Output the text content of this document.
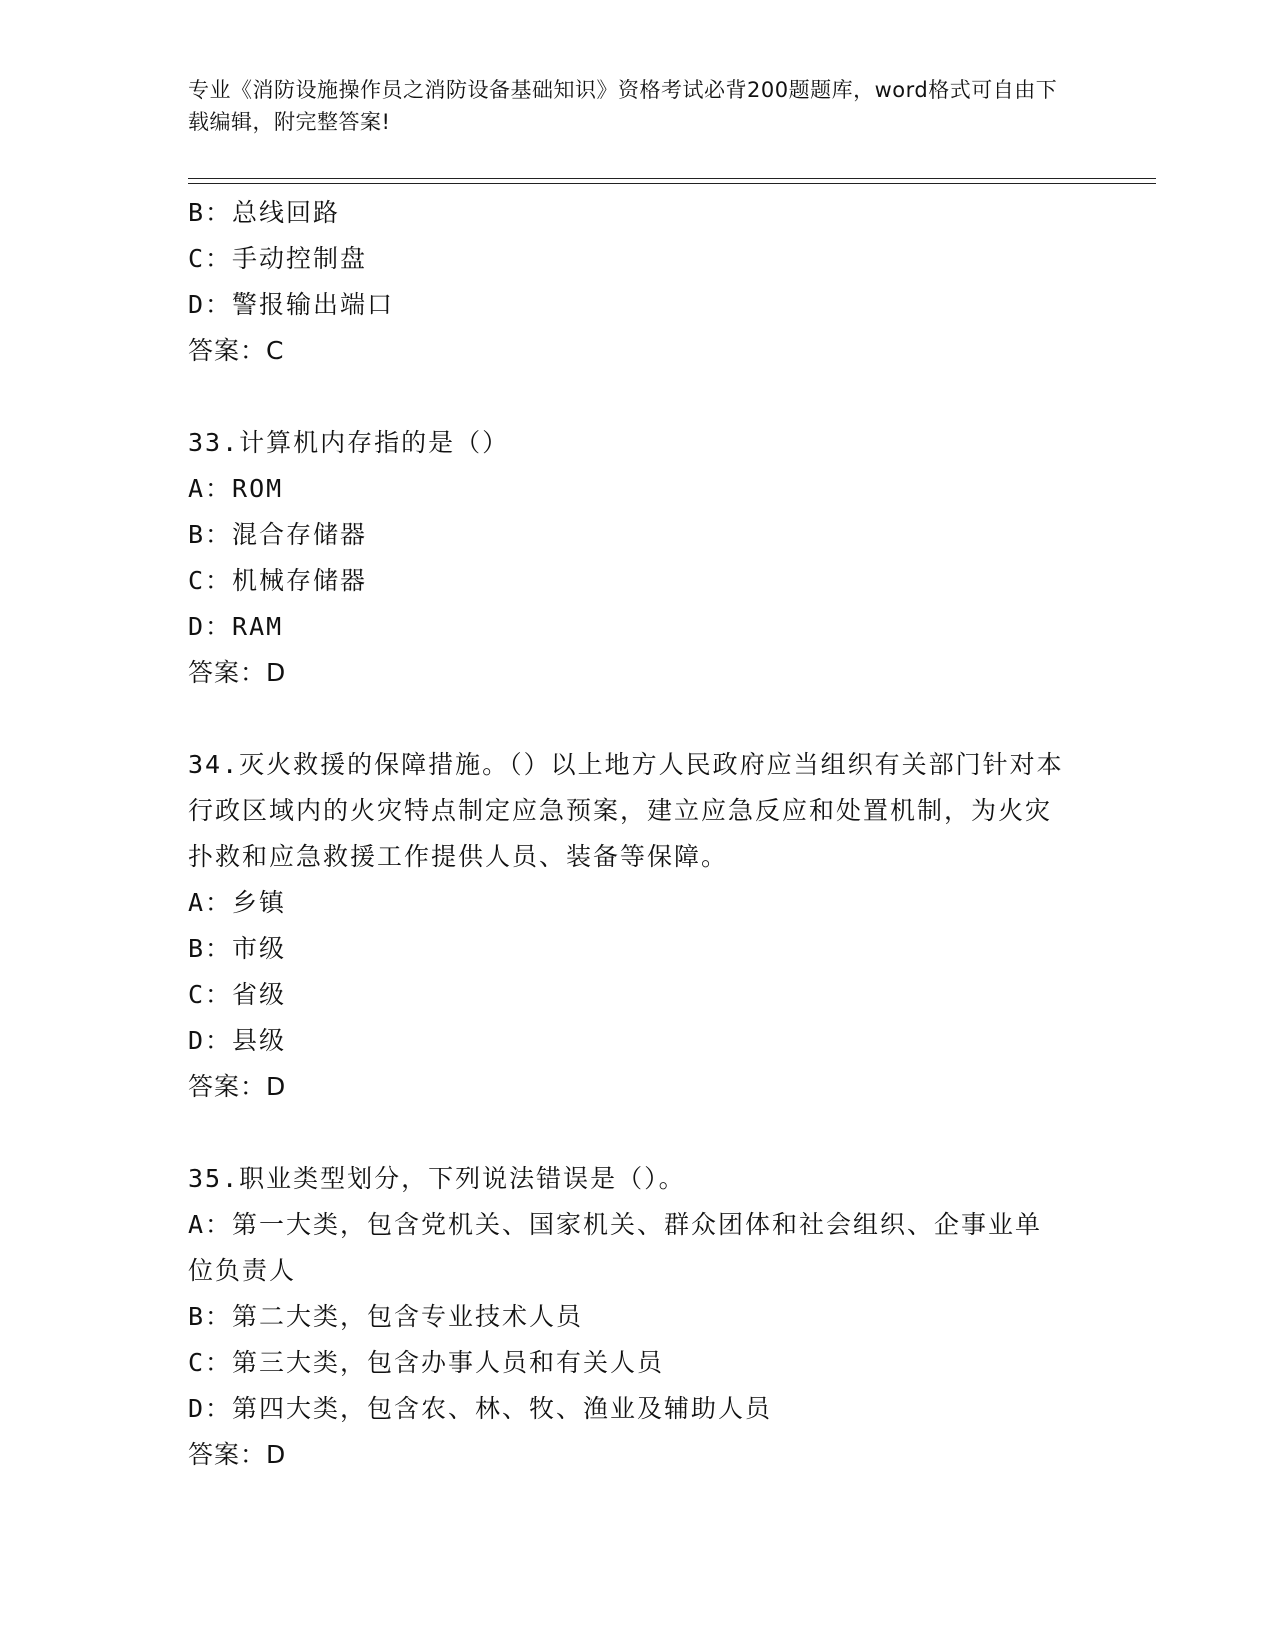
专业《消防设施操作员之消防设备基础知识》资格考试必背200题题库，word格式可自由下载编辑，附完整答案!
B：总线回路
C：手动控制盘
D：警报输出端口
答案：C
33.计算机内存指的是（）
A：ROM
B：混合存储器
C：机械存储器
D：RAM
答案：D
34.灭火救援的保障措施。（）以上地方人民政府应当组织有关部门针对本行政区域内的火灾特点制定应急预案，建立应急反应和处置机制，为火灾扑救和应急救援工作提供人员、装备等保障。
A：乡镇
B：市级
C：省级
D：县级
答案：D
35.职业类型划分，下列说法错误是（）。
A：第一大类，包含党机关、国家机关、群众团体和社会组织、企事业单位负责人
B：第二大类，包含专业技术人员
C：第三大类，包含办事人员和有关人员
D：第四大类，包含农、林、牧、渔业及辅助人员
答案：D
